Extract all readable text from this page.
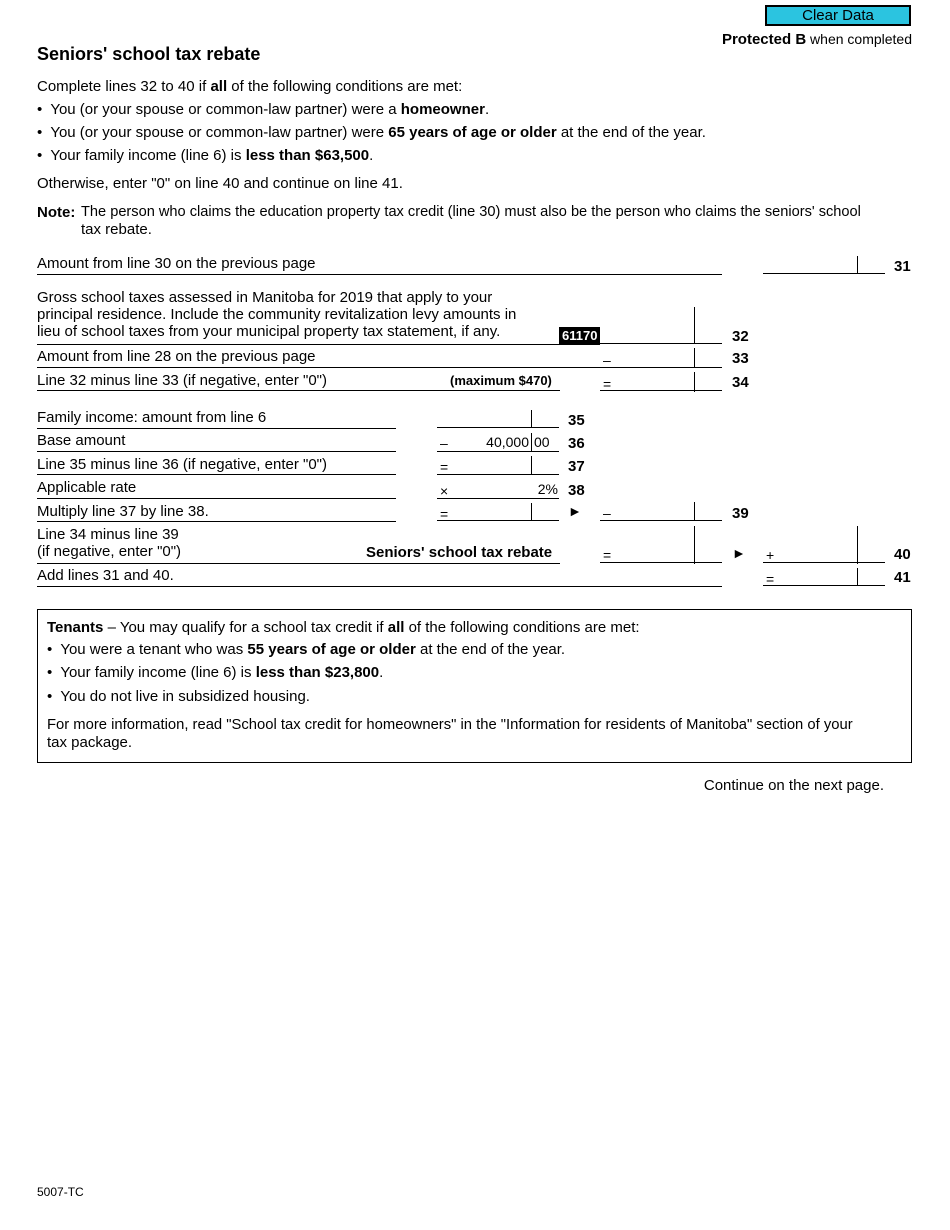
Clear Data
Protected B when completed
Seniors' school tax rebate
Complete lines 32 to 40 if all of the following conditions are met:
•  You (or your spouse or common-law partner) were a homeowner.
•  You (or your spouse or common-law partner) were 65 years of age or older at the end of the year.
•  Your family income (line 6) is less than $63,500.
Otherwise, enter "0" on line 40 and continue on line 41.
Note: The person who claims the education property tax credit (line 30) must also be the person who claims the seniors' school
tax rebate.
Amount from line 30 on the previous page	31
Gross school taxes assessed in Manitoba for 2019 that apply to your
principal residence. Include the community revitalization levy amounts in
lieu of school taxes from your municipal property tax statement, if any.	61170	32
Amount from line 28 on the previous page	–	33
Line 32 minus line 33 (if negative, enter "0")	(maximum $470)	=	34
Family income: amount from line 6	35
Base amount	–	40,000 00 36
Line 35 minus line 36 (if negative, enter "0")	=	37
Applicable rate	×	2% 38
Multiply line 37 by line 38.	=	► –	39
Line 34 minus line 39
(if negative, enter "0")	Seniors' school tax rebate	=	► +	40
Add lines 31 and 40.	=	41
Tenants – You may qualify for a school tax credit if all of the following conditions are met:
•  You were a tenant who was 55 years of age or older at the end of the year.
•  Your family income (line 6) is less than $23,800.
•  You do not live in subsidized housing.
For more information, read "School tax credit for homeowners" in the "Information for residents of Manitoba" section of your
tax package.
Continue on the next page.
5007-TC
